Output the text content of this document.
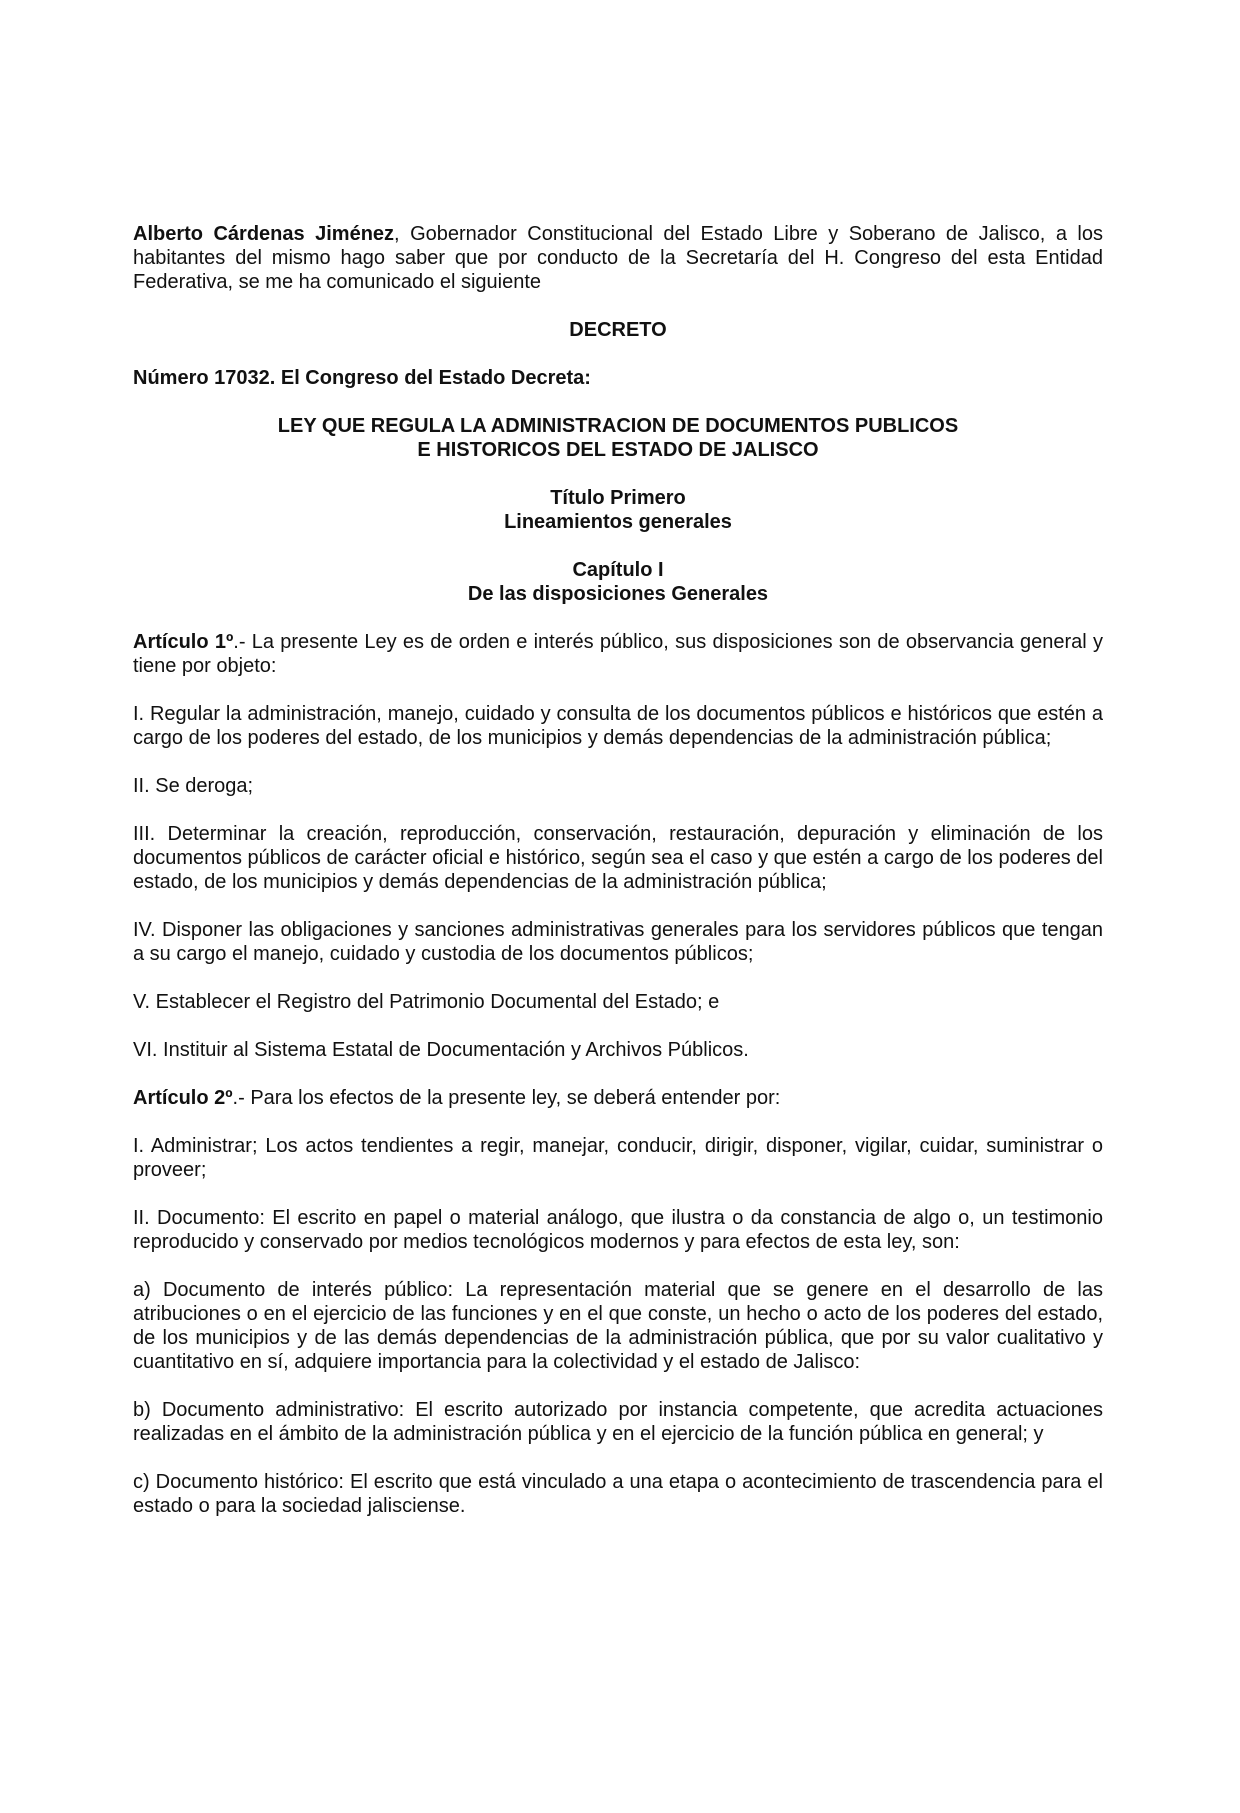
Alberto Cárdenas Jiménez, Gobernador Constitucional del Estado Libre y Soberano de Jalisco, a los habitantes del mismo hago saber que por conducto de la Secretaría del H. Congreso del esta Entidad Federativa, se me ha comunicado el siguiente

DECRETO

Número 17032. El Congreso del Estado Decreta:

LEY QUE REGULA LA ADMINISTRACION DE DOCUMENTOS PUBLICOS
E HISTORICOS DEL ESTADO DE JALISCO
Título Primero
Lineamientos generales
Capítulo I
De las disposiciones Generales

Artículo 1º.- La presente Ley es de orden e interés público, sus disposiciones son de observancia general y tiene por objeto:

I. Regular la administración, manejo, cuidado y consulta de los documentos públicos e históricos que estén a cargo de los poderes del estado, de los municipios y demás dependencias de la administración pública;

II. Se deroga;

III. Determinar la creación, reproducción, conservación, restauración, depuración y eliminación de los documentos públicos de carácter oficial e histórico, según sea el caso y que estén a cargo de los poderes del estado, de los municipios y demás dependencias de la administración pública;

IV. Disponer las obligaciones y sanciones administrativas generales para los servidores públicos que tengan a su cargo el manejo, cuidado y custodia de los documentos públicos;

V. Establecer el Registro del Patrimonio Documental del Estado; e

VI. Instituir al Sistema Estatal de Documentación y Archivos Públicos.

Artículo 2º.- Para los efectos de la presente ley, se deberá entender por:

I. Administrar; Los actos tendientes a regir, manejar, conducir, dirigir, disponer, vigilar, cuidar, suministrar o proveer;

II. Documento: El escrito en papel o material análogo, que ilustra o da constancia de algo o, un testimonio reproducido y conservado por medios tecnológicos modernos y para efectos de esta ley, son:

a) Documento de interés público: La representación material que se genere en el desarrollo de las atribuciones o en el ejercicio de las funciones y en el que conste, un hecho o acto de los poderes del estado, de los municipios y de las demás dependencias de la administración pública, que por su valor cualitativo y cuantitativo en sí, adquiere importancia para la colectividad y el estado de Jalisco:

b) Documento administrativo: El escrito autorizado por instancia competente, que acredita actuaciones realizadas en el ámbito de la administración pública y en el ejercicio de la función pública en general; y

c) Documento histórico: El escrito que está vinculado a una etapa o acontecimiento de trascendencia para el estado o para la sociedad jalisciense.
